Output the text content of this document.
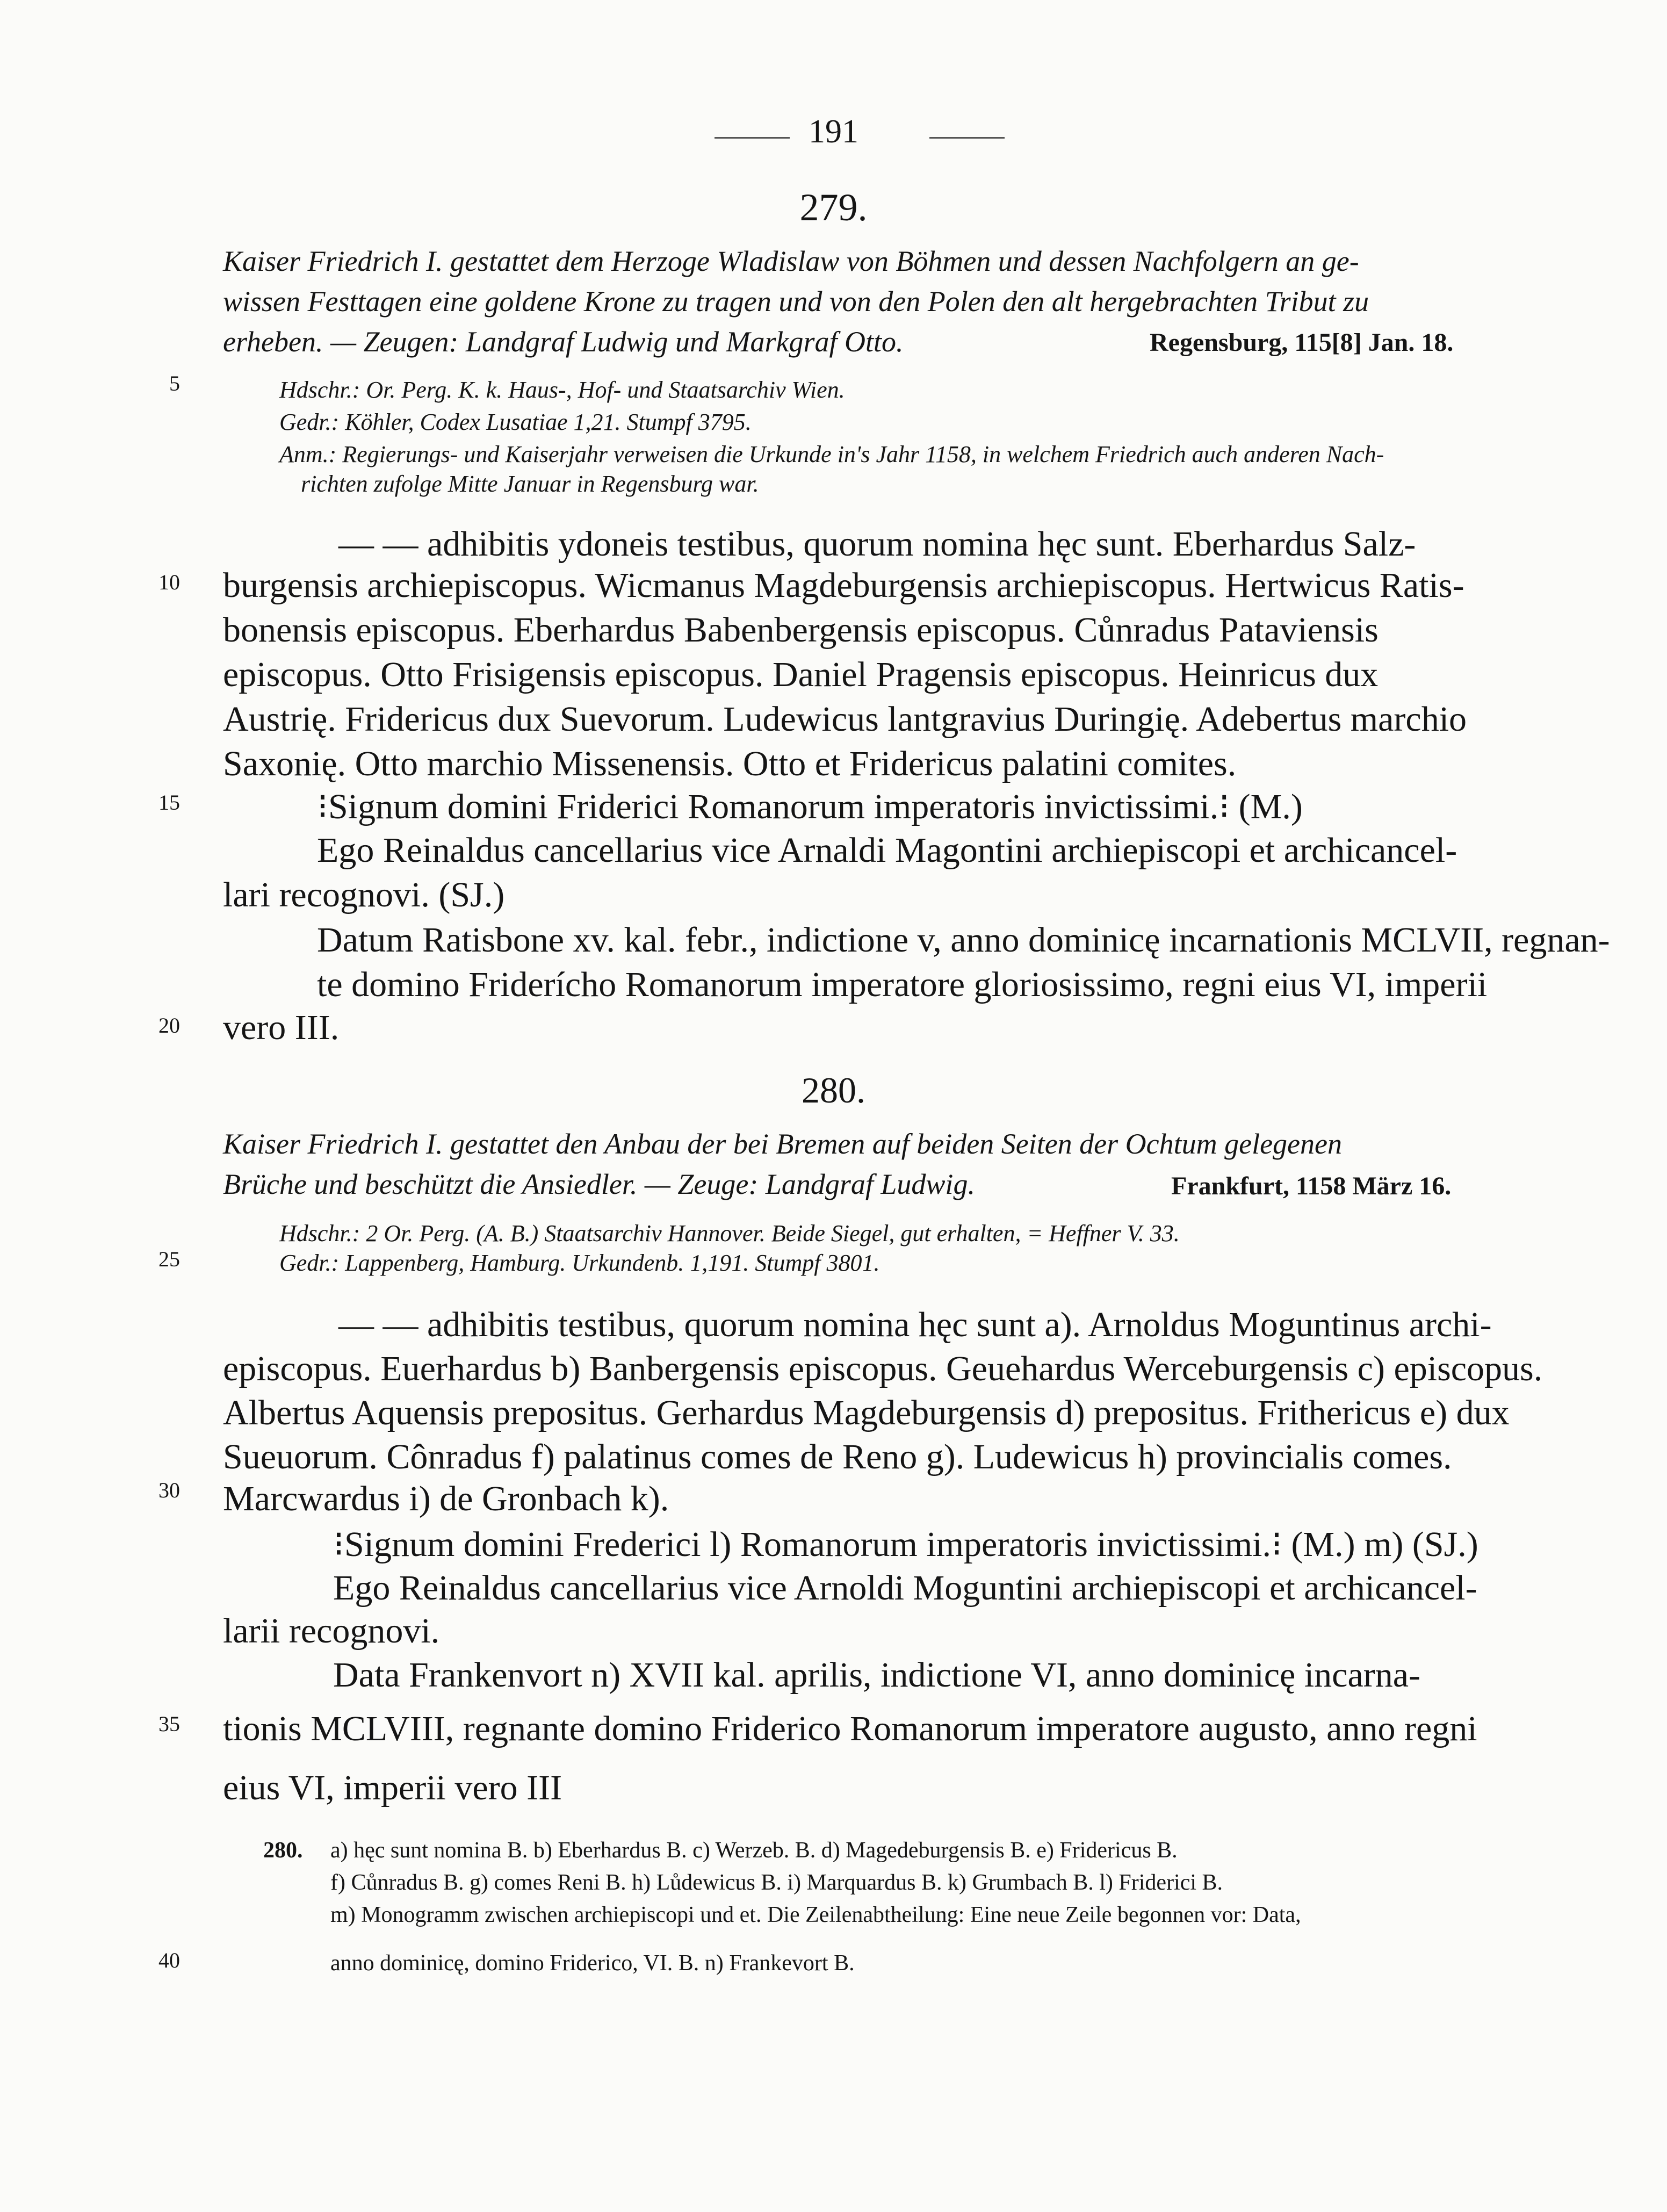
191
5
10
15
20
25
30
35
40
279.
Kaiser Friedrich I. gestattet dem Herzoge Wladislaw von Böhmen und dessen Nachfolgern an ge-
wissen Festtagen eine goldene Krone zu tragen und von den Polen den alt hergebrachten Tribut zu
erheben. — Zeugen: Landgraf Ludwig und Markgraf Otto.	Regensburg, 115[8] Jan. 18.
Hdschr.: Or. Perg. K. k. Haus-, Hof- und Staatsarchiv Wien.
Gedr.: Köhler, Codex Lusatiae 1,21. Stumpf 3795.
Anm.: Regierungs- und Kaiserjahr verweisen die Urkunde in's Jahr 1158, in welchem Friedrich auch anderen Nach-
richten zufolge Mitte Januar in Regensburg war.
— — adhibitis ydoneis testibus, quorum nomina hęc sunt. Eberhardus Salz-
burgensis archiepiscopus. Wicmanus Magdeburgensis archiepiscopus. Hertwicus Ratis-
bonensis episcopus. Eberhardus Babenbergensis episcopus. Cůnradus Pataviensis
episcopus. Otto Frisigensis episcopus. Daniel Pragensis episcopus. Heinricus dux
Austrię. Fridericus dux Suevorum. Ludewicus lantgravius Duringię. Adebertus marchio
Saxonię. Otto marchio Missenensis. Otto et Fridericus palatini comites.
⁝Signum domini Friderici Romanorum imperatoris invictissimi.⁝ (M.)
Ego Reinaldus cancellarius vice Arnaldi Magontini archiepiscopi et archicancel-
lari recognovi. (SJ.)
Datum Ratisbone xv. kal. febr., indictione v, anno dominicę incarnationis MCLVII, regnan-
te domino Friderícho Romanorum imperatore gloriosissimo, regni eius VI, imperii
vero III.
280.
Kaiser Friedrich I. gestattet den Anbau der bei Bremen auf beiden Seiten der Ochtum gelegenen
Brüche und beschützt die Ansiedler. — Zeuge: Landgraf Ludwig.	Frankfurt, 1158 März 16.
Hdschr.: 2 Or. Perg. (A. B.) Staatsarchiv Hannover. Beide Siegel, gut erhalten, = Heffner V. 33.
Gedr.: Lappenberg, Hamburg. Urkundenb. 1,191. Stumpf 3801.
— — adhibitis testibus, quorum nomina hęc sunt a). Arnoldus Moguntinus archi-
episcopus. Euerhardus b) Banbergensis episcopus. Geuehardus Werceburgensis c) episcopus.
Albertus Aquensis prepositus. Gerhardus Magdeburgensis d) prepositus. Frithericus e) dux
Sueuorum. Cônradus f) palatinus comes de Reno g). Ludewicus h) provincialis comes.
Marcwardus i) de Gronbach k).
⁝Signum domini Frederici l) Romanorum imperatoris invictissimi.⁝ (M.) m) (SJ.)
Ego Reinaldus cancellarius vice Arnoldi Moguntini archiepiscopi et archicancel-
larii recognovi.
Data Frankenvort n) XVII kal. aprilis, indictione VI, anno dominicę incarna-
tionis MCLVIII, regnante domino Friderico Romanorum imperatore augusto, anno regni
eius VI, imperii vero III
280. a) hęc sunt nomina B. b) Eberhardus B. c) Werzeb. B. d) Magedeburgensis B. e) Fridericus B.
f) Cůnradus B. g) comes Reni B. h) Lůdewicus B. i) Marquardus B. k) Grumbach B. l) Friderici B.
m) Monogramm zwischen archiepiscopi und et. Die Zeilenabtheilung: Eine neue Zeile begonnen vor: Data,
anno dominicę, domino Friderico, VI. B. n) Frankevort B.
